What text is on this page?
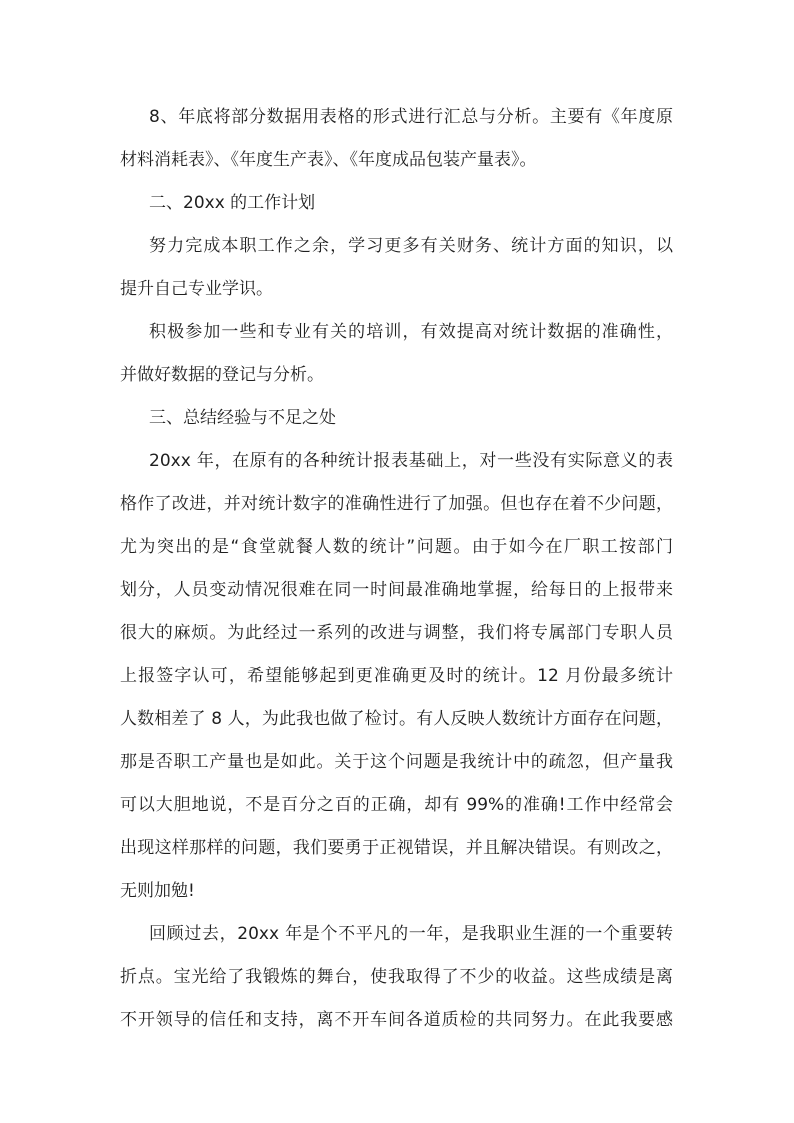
8、年底将部分数据用表格的形式进行汇总与分析。主要有《年度原
材料消耗表》、《年度生产表》、《年度成品包装产量表》。
二、20xx 的工作计划
努力完成本职工作之余，学习更多有关财务、统计方面的知识，以
提升自己专业学识。
积极参加一些和专业有关的培训，有效提高对统计数据的准确性，
并做好数据的登记与分析。
三、总结经验与不足之处
20xx 年，在原有的各种统计报表基础上，对一些没有实际意义的表
格作了改进，并对统计数字的准确性进行了加强。但也存在着不少问题，
尤为突出的是“食堂就餐人数的统计”问题。由于如今在厂职工按部门
划分，人员变动情况很难在同一时间最准确地掌握，给每日的上报带来
很大的麻烦。为此经过一系列的改进与调整，我们将专属部门专职人员
上报签字认可，希望能够起到更准确更及时的统计。12 月份最多统计
人数相差了 8 人，为此我也做了检讨。有人反映人数统计方面存在问题，
那是否职工产量也是如此。关于这个问题是我统计中的疏忽，但产量我
可以大胆地说，不是百分之百的正确，却有 99%的准确!工作中经常会
出现这样那样的问题，我们要勇于正视错误，并且解决错误。有则改之，
无则加勉!
回顾过去，20xx 年是个不平凡的一年，是我职业生涯的一个重要转
折点。宝光给了我锻炼的舞台，使我取得了不少的收益。这些成绩是离
不开领导的信任和支持，离不开车间各道质检的共同努力。在此我要感
